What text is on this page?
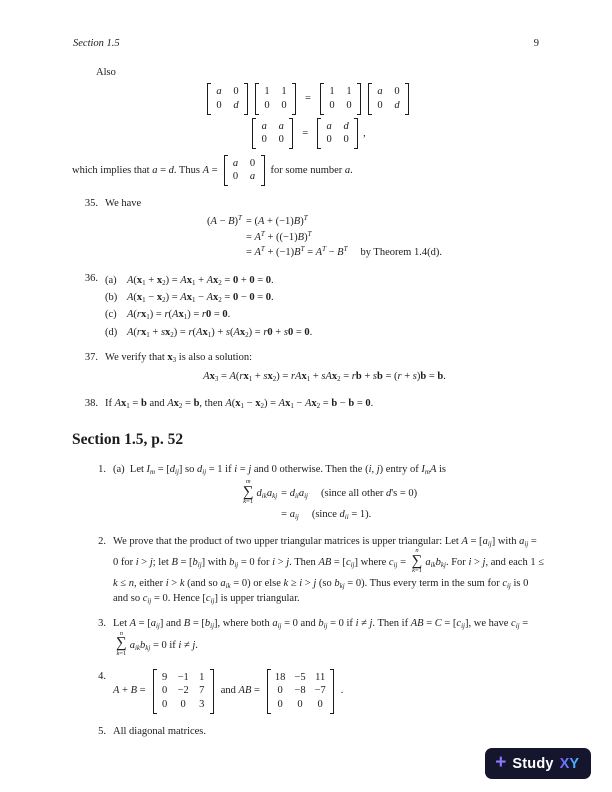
Section 1.5	9

Also

a 0
0 d
1 1
0 0
=
1 1
0 0
a 0
0 d
a a
0 0
=
a d
0 0
,

which implies that a = d. Thus A =
a 0
0 a
for some number a.

35. We have
$(A - B)^T$	= $(A + (-1)B)^T$
	= $A^T + ((-1)B)^T$
	= $A^T + (-1)B^T = A^T - B^T$ by Theorem 1.4(d).
36. (a) $A(x_1 + x_2) = Ax_1 + Ax_2 = 0 + 0 = 0$.
(b) $A(x_1 - x_2) = Ax_1 - Ax_2 = 0 - 0 = 0$.
(c) $A(rx_1) = r(Ax_1) = r0 = 0$.
(d) $A(rx_1 + sx_2) = r(Ax_1) + s(Ax_2) = r0 + s0 = 0$.
37. We verify that $x_3$ is also a solution:
$Ax_3 = A(rx_1 + sx_2) = rAx_1 + sAx_2$ = rb + sb = (r + s)b = b.
38. If $Ax_1 = b$ and $Ax_2 = b$, then $A(x_1 - x_2) = Ax_1 - Ax_2 = b - b = 0$.
Section 1.5, p. 52
1. (a)  Let $I_m = [d_{ij}]$ so $d_{ij} = 1$ if i = j and 0 otherwise. Then the (i, j) entry of $I_mA$ is
m
∑
k=1
$d_{ik}a_{kj}$	= $d_{ii}a_{ij}$ (since all other d's = 0)
	= $a_{ij}$ (since $d_{ii} = 1$).
2. We prove that the product of two upper triangular matrices is upper triangular: Let $A = [a_{ij}]$ with $a_{ij} = 0$ for i > j; let $B = [b_{ij}]$ with $b_{ij} = 0$ for i > j. Then AB = $[c_{ij}]$ where $c_{ij}$ =
n
∑
k=1
$a_{ik}b_{kj}$. For i > j, and each 1 ≤ k ≤ n, either i > k (and so $a_{ik} = 0$) or else k ≥ i > j (so $b_{kj} = 0$). Thus every term in the sum for $c_{ij}$ is 0 and so $c_{ij} = 0$. Hence $[c_{ij}]$ is upper triangular.
3. Let $A = [a_{ij}]$ and $B = [b_{ij}]$, where both $a_{ij} = 0$ and $b_{ij} = 0$ if i ≠ j. Then if AB = $C = [c_{ij}]$, we have $c_{ij}$ =
n
∑
k=1
$a_{ik}b_{kj} = 0$ if i ≠ j.
4.
A + B =
9 −1 1
0 −2 7
0 0 3
and AB =
18 −5 11
0 −8 −7
0 0 0
.
5. All diagonal matrices.
+ Study XY
